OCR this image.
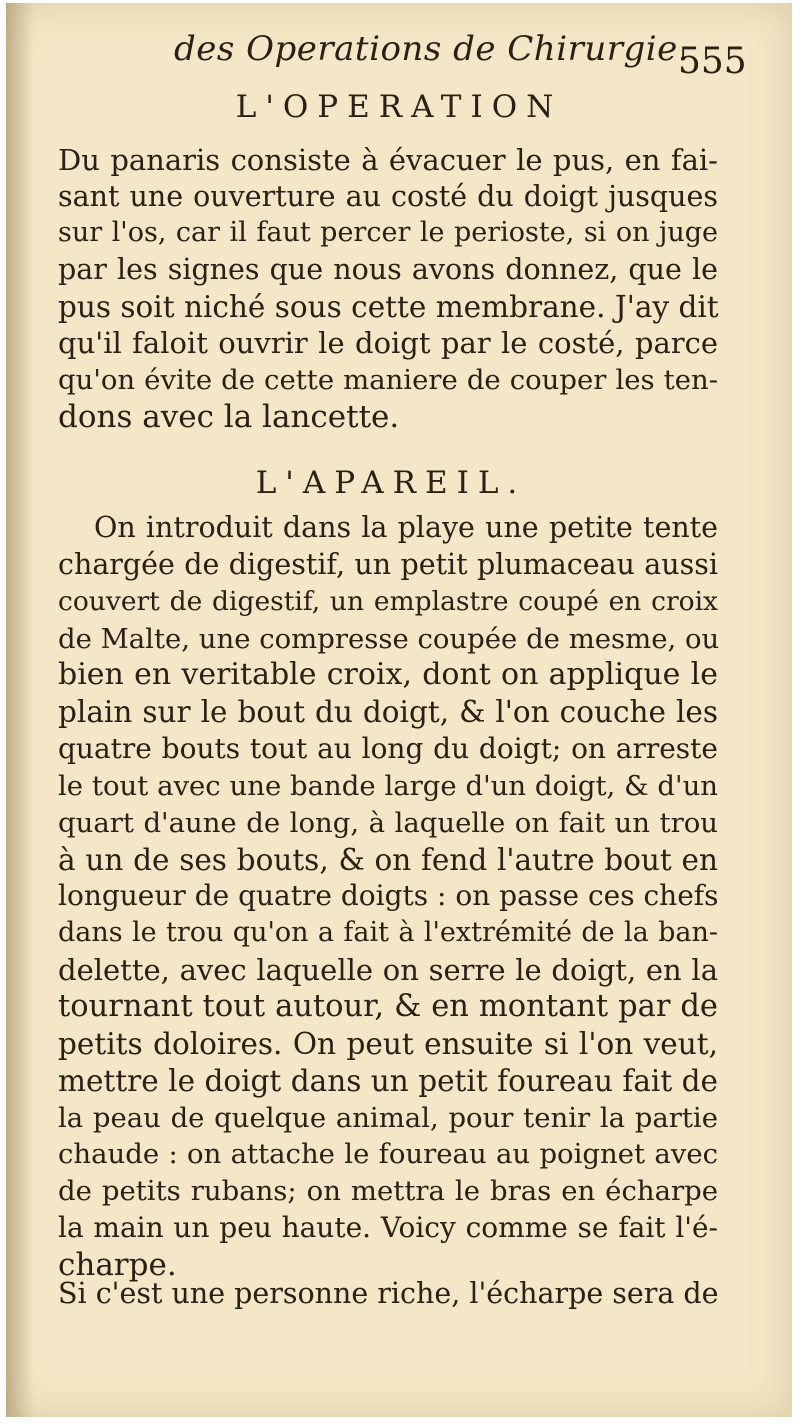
des Operations de Chirurgie.
555
L'OPERATION
Du panaris consiste à évacuer le pus, en fai-
sant une ouverture au costé du doigt jusques
sur l'os, car il faut percer le perioste, si on juge
par les signes que nous avons donnez, que le
pus soit niché sous cette membrane. J'ay dit
qu'il faloit ouvrir le doigt par le costé, parce
qu'on évite de cette maniere de couper les ten-
dons avec la lancette.
L'APAREIL.
On introduit dans la playe une petite tente
chargée de digestif, un petit plumaceau aussi
couvert de digestif, un emplastre coupé en croix
de Malte, une compresse coupée de mesme, ou
bien en veritable croix, dont on applique le
plain sur le bout du doigt, & l'on couche les
quatre bouts tout au long du doigt; on arreste
le tout avec une bande large d'un doigt, & d'un
quart d'aune de long, à laquelle on fait un trou
à un de ses bouts, & on fend l'autre bout en
longueur de quatre doigts : on passe ces chefs
dans le trou qu'on a fait à l'extrémité de la ban-
delette, avec laquelle on serre le doigt, en la
tournant tout autour, & en montant par de
petits doloires. On peut ensuite si l'on veut,
mettre le doigt dans un petit foureau fait de
la peau de quelque animal, pour tenir la partie
chaude : on attache le foureau au poignet avec
de petits rubans; on mettra le bras en écharpe
la main un peu haute. Voicy comme se fait l'é-
charpe.
Si c'est une personne riche, l'écharpe sera de
